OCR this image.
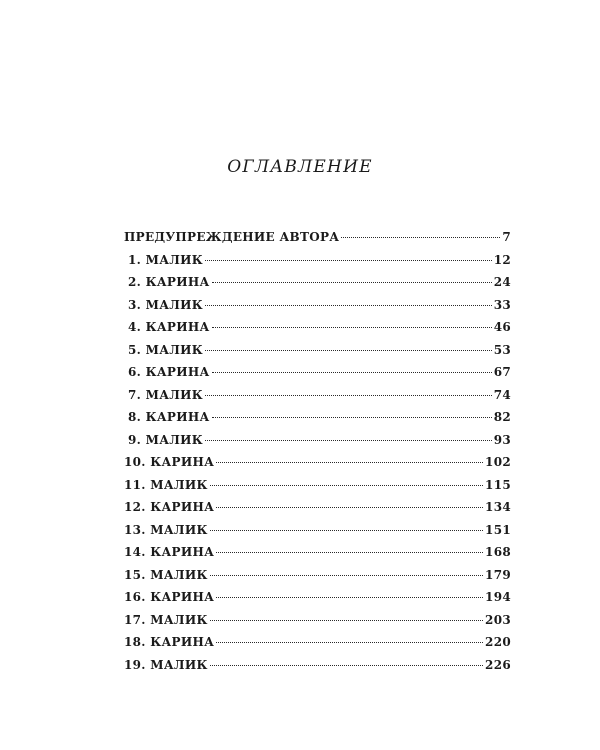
ОГЛАВЛЕНИЕ
ПРЕДУПРЕЖДЕНИЕ АВТОРА	7
1. МАЛИК	12
2. КАРИНА	24
3. МАЛИК	33
4. КАРИНА	46
5. МАЛИК	53
6. КАРИНА	67
7. МАЛИК	74
8. КАРИНА	82
9. МАЛИК	93
10. КАРИНА	102
11. МАЛИК	115
12. КАРИНА	134
13. МАЛИК	151
14. КАРИНА	168
15. МАЛИК	179
16. КАРИНА	194
17. МАЛИК	203
18. КАРИНА	220
19. МАЛИК	226
